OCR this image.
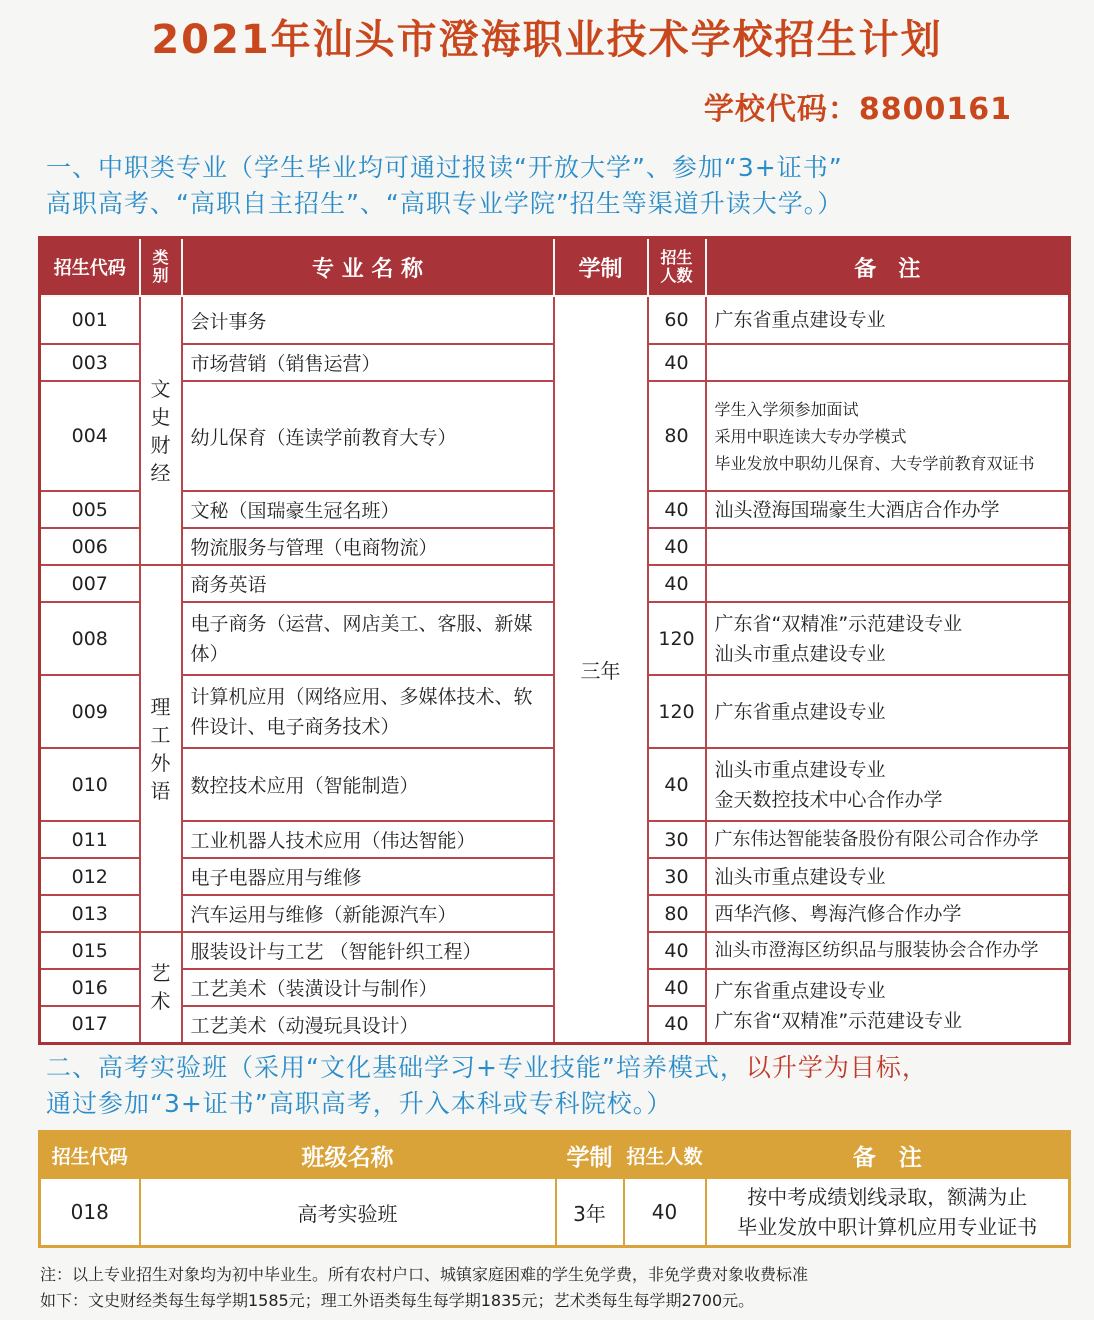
2021年汕头市澄海职业技术学校招生计划
学校代码：8800161
一、中职类专业（学生毕业均可通过报读“开放大学”、参加“3+证书”
高职高考、“高职自主招生”、“高职专业学院”招生等渠道升读大学。）
招生代码	类别	专 业 名 称	学制	招生人数	备　注
001	文史财经	会计事务	三年	60	广东省重点建设专业
003		市场营销（销售运营）		40	
004		幼儿保育（连读学前教育大专）		80	学生入学须参加面试
采用中职连读大专办学模式
毕业发放中职幼儿保育、大专学前教育双证书

005		文秘（国瑞豪生冠名班）		40	汕头澄海国瑞豪生大酒店合作办学
006		物流服务与管理（电商物流）		40	
007	理工外语	商务英语		40	
008		电子商务（运营、网店美工、客服、新媒体）		120	广东省“双精准”示范建设专业
汕头市重点建设专业

009		计算机应用（网络应用、多媒体技术、软件设计、电子商务技术）		120	广东省重点建设专业
010		数控技术应用（智能制造）		40	汕头市重点建设专业
金天数控技术中心合作办学

011		工业机器人技术应用（伟达智能）		30	广东伟达智能装备股份有限公司合作办学
012		电子电器应用与维修		30	汕头市重点建设专业
013		汽车运用与维修（新能源汽车）		80	西华汽修、粤海汽修合作办学
015	艺术	服装设计与工艺 （智能针织工程）		40	汕头市澄海区纺织品与服装协会合作办学
016		工艺美术（装潢设计与制作）		40	广东省重点建设专业
广东省“双精准”示范建设专业

017		工艺美术（动漫玩具设计）		40	
二、高考实验班（采用“文化基础学习+专业技能”培养模式，以升学为目标，
通过参加“3+证书”高职高考，升入本科或专科院校。）
招生代码	班级名称	学制	招生人数	备　注
018	高考实验班	3年	40	按中考成绩划线录取，额满为止
毕业发放中职计算机应用专业证书
注：以上专业招生对象均为初中毕业生。所有农村户口、城镇家庭困难的学生免学费，非免学费对象收费标准
如下：文史财经类每生每学期1585元；理工外语类每生每学期1835元；艺术类每生每学期2700元。
